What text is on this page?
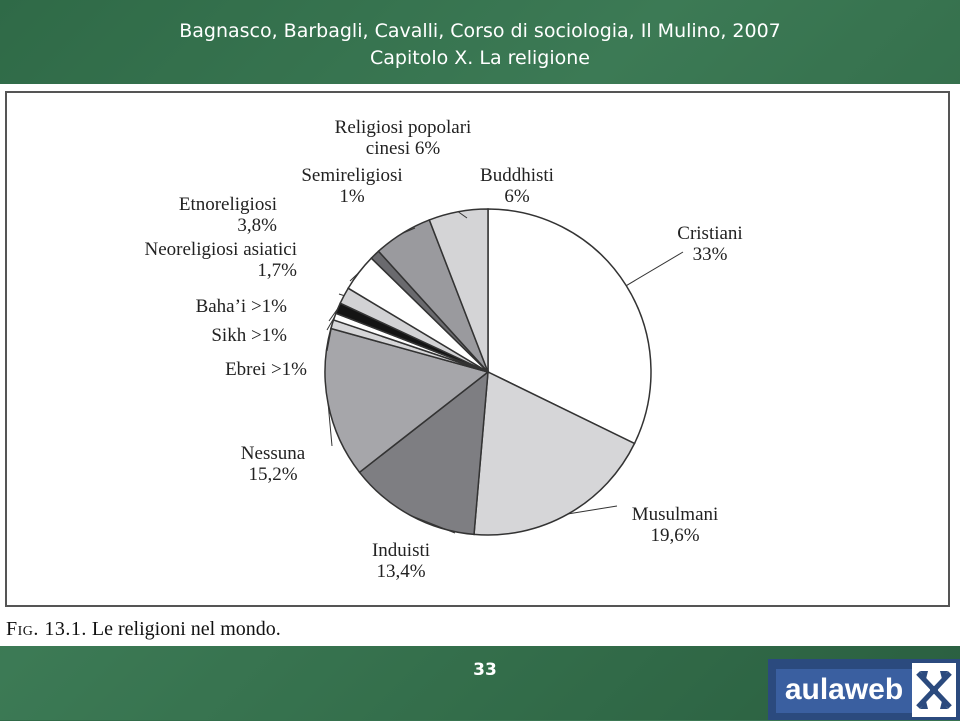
Bagnasco, Barbagli, Cavalli, Corso di sociologia, Il Mulino, 2007
Capitolo X. La religione
Cristiani 33%
Musulmani 19,6%
Induisti 13,4%
Nessuna 15,2%
Ebrei >1%
Sikh >1%
Baha’i >1%
Neoreligiosi asiatici 1,7%
Etnoreligiosi 3,8%
Semireligiosi 1%
Religiosi popolari cinesi 6%
Buddhisti 6%
Fig. 13.1. Le religioni nel mondo.
33
aulaweb
